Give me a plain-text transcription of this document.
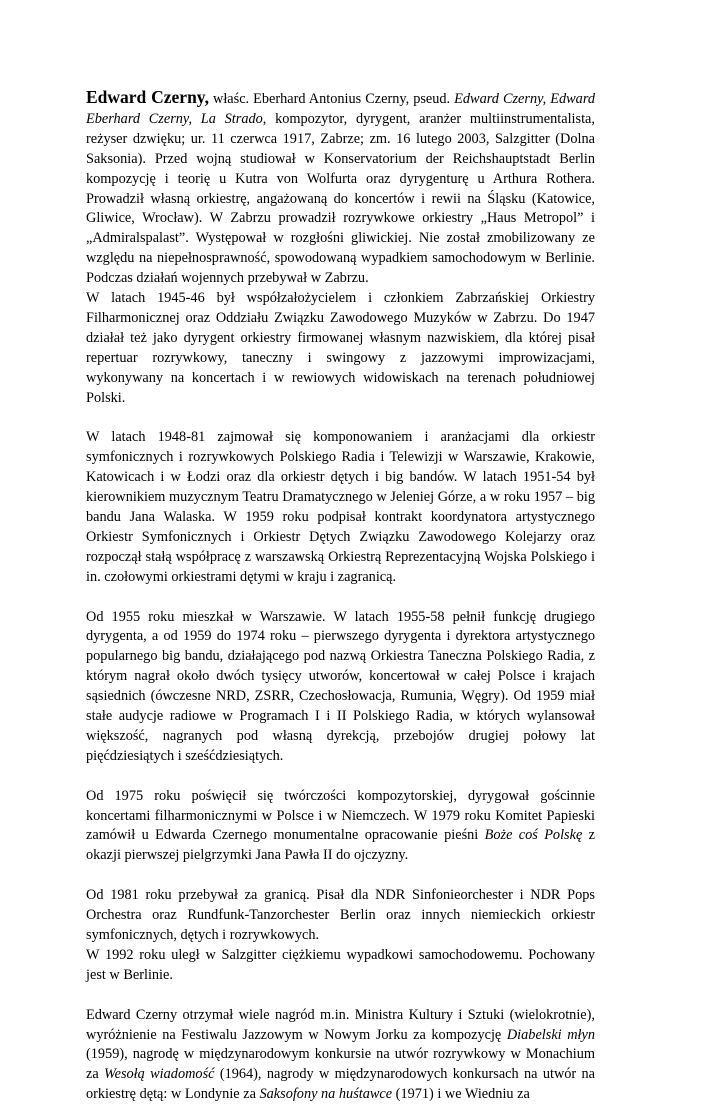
Edward Czerny, właśc. Eberhard Antonius Czerny, pseud. Edward Czerny, Edward Eberhard Czerny, La Strado, kompozytor, dyrygent, aranżer multiinstrumentalista, reżyser dzwięku; ur. 11 czerwca 1917, Zabrze; zm. 16 lutego 2003, Salzgitter (Dolna Saksonia). Przed wojną studiował w Konservatorium der Reichshauptstadt Berlin kompozycję i teorię u Kutra von Wolfurta oraz dyrygenturę u Arthura Rothera. Prowadził własną orkiestrę, angażowaną do koncertów i rewii na Śląsku (Katowice, Gliwice, Wrocław). W Zabrzu prowadził rozrywkowe orkiestry „Haus Metropol” i „Admiralspalast”. Występował w rozgłośni gliwickiej. Nie został zmobilizowany ze względu na niepełnosprawność, spowodowaną wypadkiem samochodowym w Berlinie. Podczas działań wojennych przebywał w Zabrzu.

W latach 1945-46 był współzałożycielem i członkiem Zabrzańskiej Orkiestry Filharmonicznej oraz Oddziału Związku Zawodowego Muzyków w Zabrzu. Do 1947 działał też jako dyrygent orkiestry firmowanej własnym nazwiskiem, dla której pisał repertuar rozrywkowy, taneczny i swingowy z jazzowymi improwizacjami, wykonywany na koncertach i w rewiowych widowiskach na terenach południowej Polski.

W latach 1948-81 zajmował się komponowaniem i aranżacjami dla orkiestr symfonicznych i rozrywkowych Polskiego Radia i Telewizji w Warszawie, Krakowie, Katowicach i w Łodzi oraz dla orkiestr dętych i big bandów. W latach 1951-54 był kierownikiem muzycznym Teatru Dramatycznego w Jeleniej Górze, a w roku 1957 – big bandu Jana Walaska. W 1959 roku podpisał kontrakt koordynatora artystycznego Orkiestr Symfonicznych i Orkiestr Dętych Związku Zawodowego Kolejarzy oraz rozpoczął stałą współpracę z warszawską Orkiestrą Reprezentacyjną Wojska Polskiego i in. czołowymi orkiestrami dętymi w kraju i zagranicą.

Od 1955 roku mieszkał w Warszawie. W latach 1955-58 pełnił funkcję drugiego dyrygenta, a od 1959 do 1974 roku – pierwszego dyrygenta i dyrektora artystycznego popularnego big bandu, działającego pod nazwą Orkiestra Taneczna Polskiego Radia, z którym nagrał około dwóch tysięcy utworów, koncertował w całej Polsce i krajach sąsiednich (ówczesne NRD, ZSRR, Czechosłowacja, Rumunia, Węgry). Od 1959 miał stałe audycje radiowe w Programach I i II Polskiego Radia, w których wylansował większość, nagranych pod własną dyrekcją, przebojów drugiej połowy lat pięćdziesiątych i sześćdziesiątych.

Od 1975 roku poświęcił się twórczości kompozytorskiej, dyrygował gościnnie koncertami filharmonicznymi w Polsce i w Niemczech. W 1979 roku Komitet Papieski zamówił u Edwarda Czernego monumentalne opracowanie pieśni Boże coś Polskę z okazji pierwszej pielgrzymki Jana Pawła II do ojczyzny.

Od 1981 roku przebywał za granicą. Pisał dla NDR Sinfonieorchester i NDR Pops Orchestra oraz Rundfunk-Tanzorchester Berlin oraz innych niemieckich orkiestr symfonicznych, dętych i rozrywkowych.

W 1992 roku uległ w Salzgitter ciężkiemu wypadkowi samochodowemu. Pochowany jest w Berlinie.

Edward Czerny otrzymał wiele nagród m.in. Ministra Kultury i Sztuki (wielokrotnie), wyróżnienie na Festiwalu Jazzowym w Nowym Jorku za kompozycję Diabelski młyn (1959), nagrodę w międzynarodowym konkursie na utwór rozrywkowy w Monachium za Wesołą wiadomość (1964), nagrody w międzynarodowych konkursach na utwór na orkiestrę dętą: w Londynie za Saksofony na huśtawce (1971) i we Wiedniu za
